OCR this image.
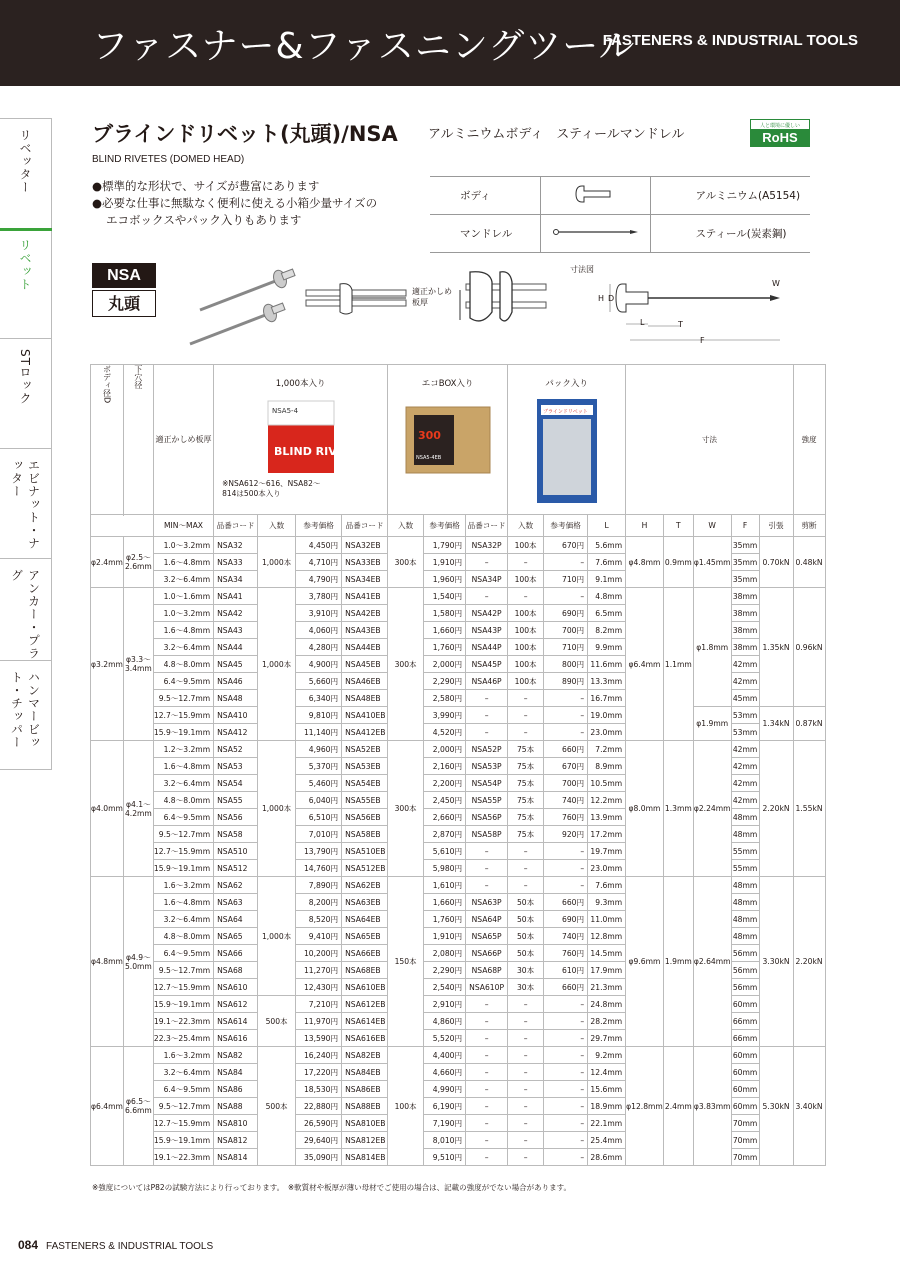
ファスナー&ファスニングツール
FASTENERS & INDUSTRIAL TOOLS
リベッター
リベット
STロック
エビナット・ナッター
アンカー・プラグ
ハンマービット・チッパー
ブラインドリベット(丸頭)/NSA アルミニウムボディ　スティールマンドレル
人と環境に優しい
RoHS
BLIND RIVETES (DOMED HEAD)
●標準的な形状で、サイズが豊富にあります
●必要な仕事に無駄なく便利に使える小箱少量サイズの
エコボックスやパック入りもあります
ボディ		アルミニウム(A5154)
マンドレル		スティール(炭素鋼)
NSA
丸頭
適正かしめ板厚
寸法図
H D
L	T
W
F
ボディ径D	下穴径	適正かしめ板厚	1,000本入り
NSA5-4
BLIND RIVET
※NSA612～616、NSA82～814は500本入り				エコBOX入り
300
NSA5-4EB			パック入り
ブラインドリベット			寸法					強度

		MIN～MAX	品番コード	入数	参考価格	品番コード	入数	参考価格	品番コード	入数	参考価格	L	H	T	W	F	引張	剪断
φ2.4mm	φ2.5～2.6mm	1.0～3.2mm	NSA32	1,000本	4,450円	NSA32EB	300本	1,790円	NSA32P	100本	670円	5.6mm	φ4.8mm	0.9mm	φ1.45mm	35mm	0.70kN	0.48kN
		1.6～4.8mm	NSA33		4,710円	NSA33EB		1,910円	–	–	–	7.6mm				35mm		
		3.2～6.4mm	NSA34		4,790円	NSA34EB		1,960円	NSA34P	100本	710円	9.1mm				35mm		
φ3.2mm	φ3.3～3.4mm	1.0～1.6mm	NSA41	1,000本	3,780円	NSA41EB	300本	1,540円	–	–	–	4.8mm	φ6.4mm	1.1mm	φ1.8mm	38mm	1.35kN	0.96kN
		1.0～3.2mm	NSA42		3,910円	NSA42EB		1,580円	NSA42P	100本	690円	6.5mm				38mm		
		1.6～4.8mm	NSA43		4,060円	NSA43EB		1,660円	NSA43P	100本	700円	8.2mm				38mm		
		3.2～6.4mm	NSA44		4,280円	NSA44EB		1,760円	NSA44P	100本	710円	9.9mm				38mm		
		4.8～8.0mm	NSA45		4,900円	NSA45EB		2,000円	NSA45P	100本	800円	11.6mm				42mm		
		6.4～9.5mm	NSA46		5,660円	NSA46EB		2,290円	NSA46P	100本	890円	13.3mm				42mm		
		9.5～12.7mm	NSA48		6,340円	NSA48EB		2,580円	–	–	–	16.7mm				45mm		
		12.7～15.9mm	NSA410		9,810円	NSA410EB		3,990円	–	–	–	19.0mm			φ1.9mm	53mm	1.34kN	0.87kN
		15.9～19.1mm	NSA412		11,140円	NSA412EB		4,520円	–	–	–	23.0mm				53mm		
φ4.0mm	φ4.1～4.2mm	1.2～3.2mm	NSA52	1,000本	4,960円	NSA52EB	300本	2,000円	NSA52P	75本	660円	7.2mm	φ8.0mm	1.3mm	φ2.24mm	42mm	2.20kN	1.55kN
		1.6～4.8mm	NSA53		5,370円	NSA53EB		2,160円	NSA53P	75本	670円	8.9mm				42mm		
		3.2～6.4mm	NSA54		5,460円	NSA54EB		2,200円	NSA54P	75本	700円	10.5mm				42mm		
		4.8～8.0mm	NSA55		6,040円	NSA55EB		2,450円	NSA55P	75本	740円	12.2mm				42mm		
		6.4～9.5mm	NSA56		6,510円	NSA56EB		2,660円	NSA56P	75本	760円	13.9mm				48mm		
		9.5～12.7mm	NSA58		7,010円	NSA58EB		2,870円	NSA58P	75本	920円	17.2mm				48mm		
		12.7～15.9mm	NSA510		13,790円	NSA510EB		5,610円	–	–	–	19.7mm				55mm		
		15.9～19.1mm	NSA512		14,760円	NSA512EB		5,980円	–	–	–	23.0mm				55mm		
φ4.8mm	φ4.9～5.0mm	1.6～3.2mm	NSA62	1,000本	7,890円	NSA62EB	150本	1,610円	–	–	–	7.6mm	φ9.6mm	1.9mm	φ2.64mm	48mm	3.30kN	2.20kN
		1.6～4.8mm	NSA63		8,200円	NSA63EB		1,660円	NSA63P	50本	660円	9.3mm				48mm		
		3.2～6.4mm	NSA64		8,520円	NSA64EB		1,760円	NSA64P	50本	690円	11.0mm				48mm		
		4.8～8.0mm	NSA65		9,410円	NSA65EB		1,910円	NSA65P	50本	740円	12.8mm				48mm		
		6.4～9.5mm	NSA66		10,200円	NSA66EB		2,080円	NSA66P	50本	760円	14.5mm				56mm		
		9.5～12.7mm	NSA68		11,270円	NSA68EB		2,290円	NSA68P	30本	610円	17.9mm				56mm		
		12.7～15.9mm	NSA610		12,430円	NSA610EB		2,540円	NSA610P	30本	660円	21.3mm				56mm		
		15.9～19.1mm	NSA612	500本	7,210円	NSA612EB		2,910円	–	–	–	24.8mm				60mm		
		19.1～22.3mm	NSA614		11,970円	NSA614EB		4,860円	–	–	–	28.2mm				66mm		
		22.3～25.4mm	NSA616		13,590円	NSA616EB		5,520円	–	–	–	29.7mm				66mm		
φ6.4mm	φ6.5～6.6mm	1.6～3.2mm	NSA82	500本	16,240円	NSA82EB	100本	4,400円	–	–	–	9.2mm	φ12.8mm	2.4mm	φ3.83mm	60mm	5.30kN	3.40kN
		3.2～6.4mm	NSA84		17,220円	NSA84EB		4,660円	–	–	–	12.4mm				60mm		
		6.4～9.5mm	NSA86		18,530円	NSA86EB		4,990円	–	–	–	15.6mm				60mm		
		9.5～12.7mm	NSA88		22,880円	NSA88EB		6,190円	–	–	–	18.9mm				60mm		
		12.7～15.9mm	NSA810		26,590円	NSA810EB		7,190円	–	–	–	22.1mm				70mm		
		15.9～19.1mm	NSA812		29,640円	NSA812EB		8,010円	–	–	–	25.4mm				70mm		
		19.1～22.3mm	NSA814		35,090円	NSA814EB		9,510円	–	–	–	28.6mm				70mm		
※強度についてはP82の試験方法により行っております。　※軟質材や板厚が薄い母材でご使用の場合は、記載の強度がでない場合があります。
084 FASTENERS & INDUSTRIAL TOOLS
